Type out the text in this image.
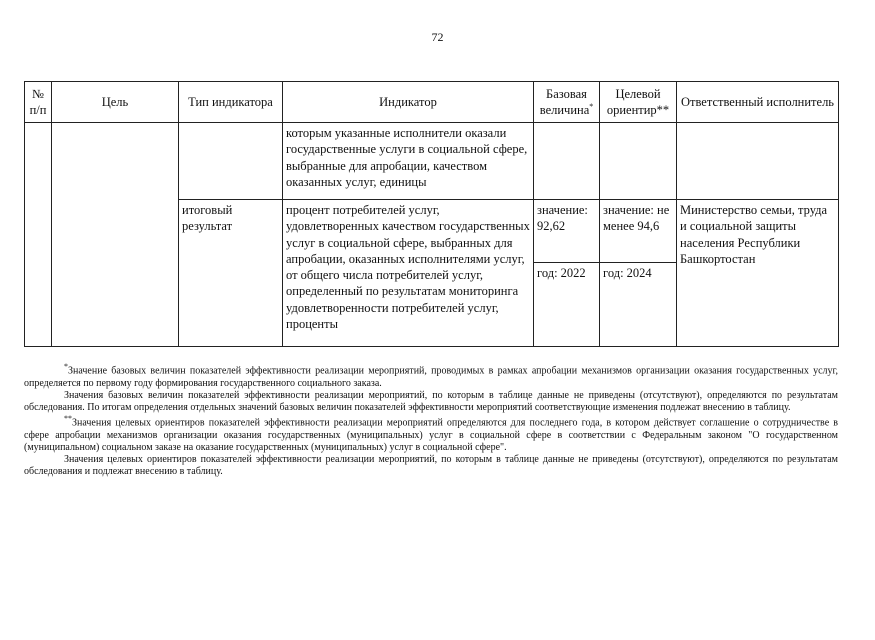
72
№ п/п	Цель	Тип индикатора	Индикатор	Базовая величина*	Целевой ориентир**	Ответственный исполнитель
			которым указанные исполнители оказали государственные услуги в социальной сфере, выбранные для апробации, качеством оказанных услуг, единицы			
		итоговый результат	процент потребителей услуг, удовлетворенных качеством государственных услуг в социальной сфере, выбранных для апробации, оказанных исполнителями услуг, от общего числа потребителей услуг, определенный по результатам мониторинга удовлетворенности потребителей услуг, проценты	значение: 92,62	значение: не менее 94,6	Министерство семьи, труда и социальной защиты населения Республики Башкортостан
				год: 2022	год: 2024	

*Значение базовых величин показателей эффективности реализации мероприятий, проводимых в рамках апробации механизмов организации оказания государственных услуг, определяется по первому году формирования государственного социального заказа.

Значения базовых величин показателей эффективности реализации мероприятий, по которым в таблице данные не приведены (отсутствуют), определяются по результатам обследования. По итогам определения отдельных значений базовых величин показателей эффективности мероприятий соответствующие изменения подлежат внесению в таблицу.

**Значения целевых ориентиров показателей эффективности реализации мероприятий определяются для последнего года, в котором действует соглашение о сотрудничестве в сфере апробации механизмов организации оказания государственных (муниципальных) услуг в социальной сфере в соответствии с Федеральным законом "О государственном (муниципальном) социальном заказе на оказание государственных (муниципальных) услуг в социальной сфере".

Значения целевых ориентиров показателей эффективности реализации мероприятий, по которым в таблице данные не приведены (отсутствуют), определяются по результатам обследования и подлежат внесению в таблицу.
